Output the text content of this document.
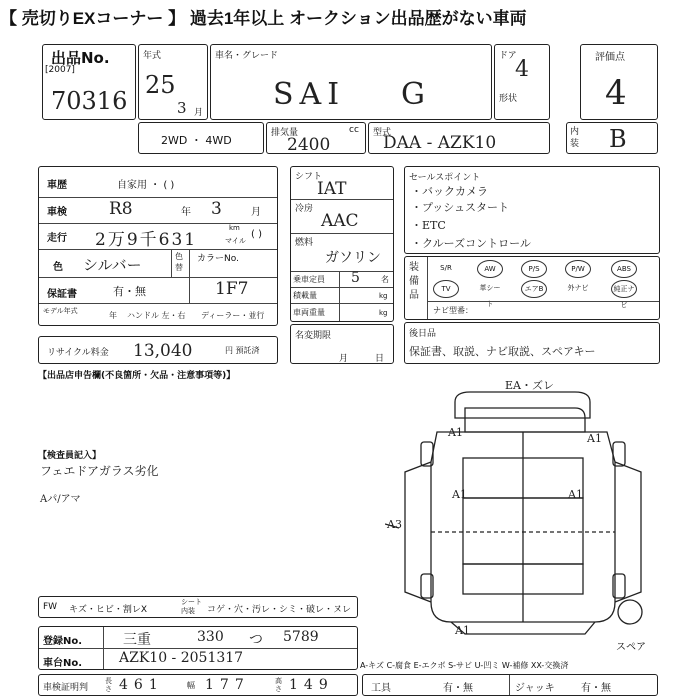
【 売切りEXコーナー 】 過去1年以上 オークション出品歴がない車両
出品No.
[2007]
70316
年式
25
3 月
車名・グレード
SAI G
ドア
4
形状
評価点
4
2WD ・ 4WD
排気量	cc
2400
型式
DAA - AZK10
内装 B
車歴	自家用 ・ ( )
車検 R8	年 3	月
走行 2万9千631
km
マイル
( )
色 シルバー	色替
カラーNo.
1F7
保証書	有・無
モデル年式	年 ハンドル 左・右 ディーラー・並行
リサイクル料金 13,040	円 預託済
シフト
IAT
冷房
AAC
燃料
ガソリン
乗車定員 5	名
積載量	kg
車両重量	kg
名変期限
月	日
セールスポイント
・バックカメラ
・プッシュスタート
・ETC
・クルーズコントロール
装備品
S/R	AW	P/S	P/W	ABS
TV	革シート
エアB	外ナビ	純正ナビ
ナビ型番：
後日品
保証書、取説、ナビ取説、スペアキー
【出品店申告欄(不良箇所・欠品・注意事項等)】
【検査員記入】
フェエドアガラス劣化
Aパ/アマ
EA・ズレ
A1
A1	A1
A1
A3
A1
スペア
FW キズ・ヒビ・割レX
シート内装	コゲ・穴・汚レ・シミ・破レ・ヌレ
登録No.	三重	330 つ 5789
車台No.	AZK10 - 2051317	A-キズ C-腐食 E-エクボ S-サビ U-凹ミ W-補修 XX-交換済
車検証明判
長さ 461	幅 177	高さ 149	工具	有・無	ジャッキ	有・無
